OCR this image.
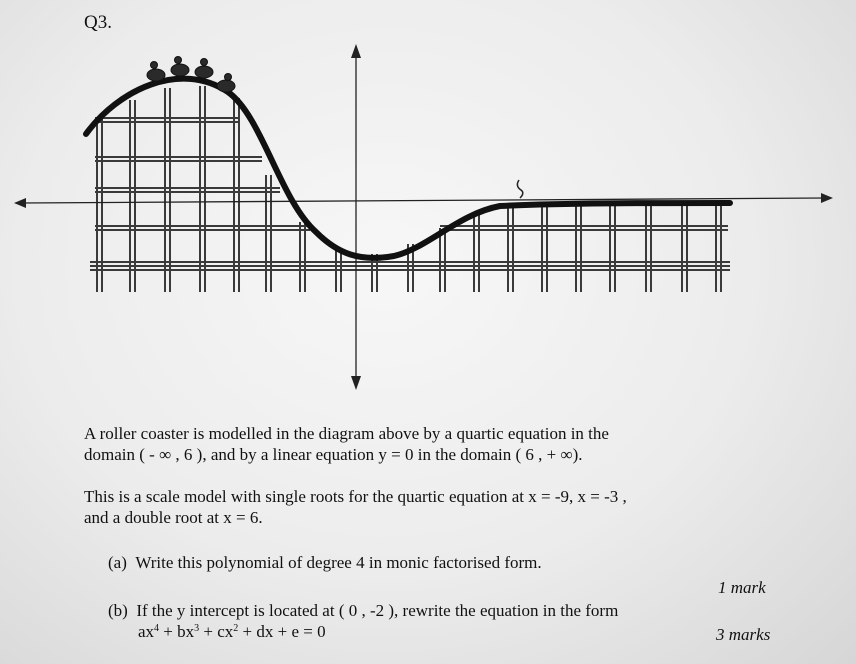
Q3.
A roller coaster is modelled in the diagram above by a quartic equation in the
domain ( - ∞ , 6 ), and by a linear equation y = 0 in the domain ( 6 , + ∞).
This is a scale model with single roots for the quartic equation at x = -9, x = -3 ,
and a double root at x = 6.
(a) Write this polynomial of degree 4 in monic factorised form.
1 mark
(b) If the y intercept is located at ( 0 , -2 ), rewrite the equation in the form
$ax^4 + bx^3 + cx^2$ + dx + e = 0	3 marks
